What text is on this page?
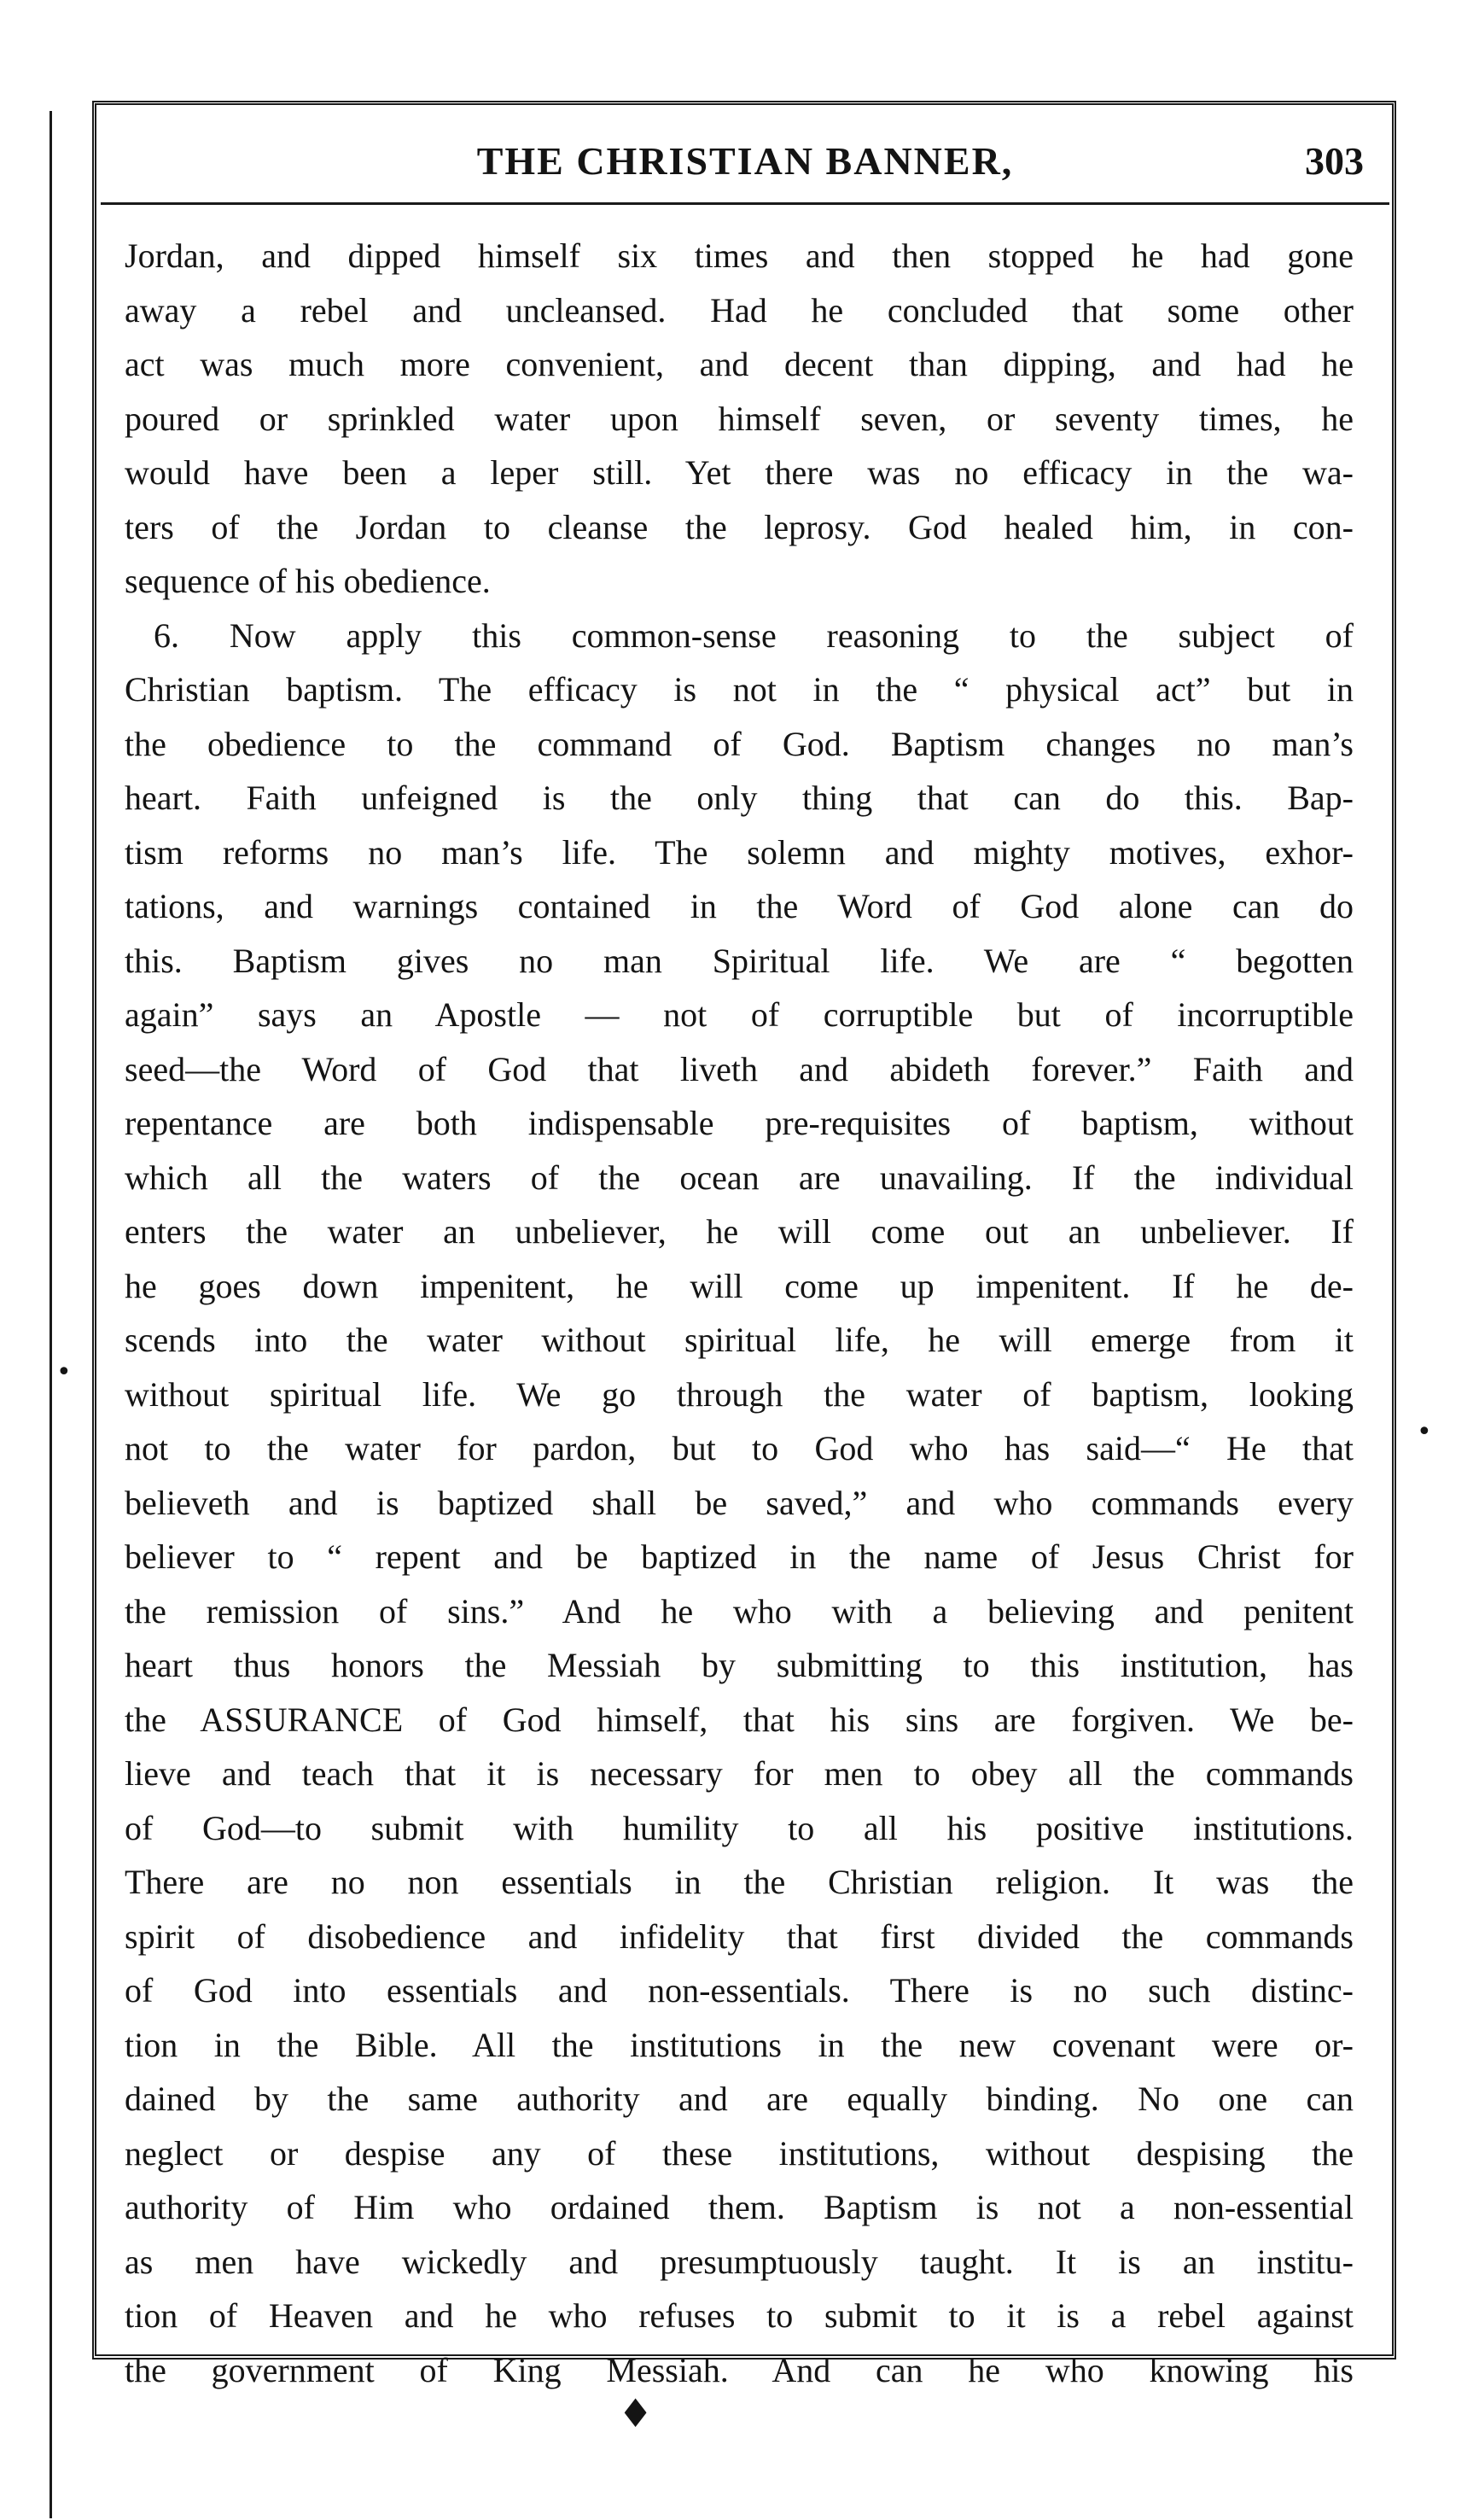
THE CHRISTIAN BANNER,	303
Jordan, and dipped himself six times and then stopped he had gone
away a rebel and uncleansed. Had he concluded that some other
act was much more convenient, and decent than dipping, and had he
poured or sprinkled water upon himself seven, or seventy times, he
would have been a leper still. Yet there was no efficacy in the wa-
ters of the Jordan to cleanse the leprosy. God healed him, in con-
sequence of his obedience.
6. Now apply this common-sense reasoning to the subject of
Christian baptism. The efficacy is not in the “ physical act” but in
the obedience to the command of God. Baptism changes no man’s
heart. Faith unfeigned is the only thing that can do this. Bap-
tism reforms no man’s life. The solemn and mighty motives, exhor-
tations, and warnings contained in the Word of God alone can do
this. Baptism gives no man Spiritual life. We are “ begotten
again” says an Apostle — not of corruptible but of incorruptible
seed—the Word of God that liveth and abideth forever.” Faith and
repentance are both indispensable pre-requisites of baptism, without
which all the waters of the ocean are unavailing. If the individual
enters the water an unbeliever, he will come out an unbeliever. If
he goes down impenitent, he will come up impenitent. If he de-
scends into the water without spiritual life, he will emerge from it
without spiritual life. We go through the water of baptism, looking
not to the water for pardon, but to God who has said—“ He that
believeth and is baptized shall be saved,” and who commands every
believer to “ repent and be baptized in the name of Jesus Christ for
the remission of sins.” And he who with a believing and penitent
heart thus honors the Messiah by submitting to this institution, has
the ASSURANCE of God himself, that his sins are forgiven. We be-
lieve and teach that it is necessary for men to obey all the commands
of God—to submit with humility to all his positive institutions.
There are no non essentials in the Christian religion. It was the
spirit of disobedience and infidelity that first divided the commands
of God into essentials and non-essentials. There is no such distinc-
tion in the Bible. All the institutions in the new covenant were or-
dained by the same authority and are equally binding. No one can
neglect or despise any of these institutions, without despising the
authority of Him who ordained them. Baptism is not a non-essential
as men have wickedly and presumptuously taught. It is an institu-
tion of Heaven and he who refuses to submit to it is a rebel against
the government of King Messiah. And can he who knowing his
•
•
♦
